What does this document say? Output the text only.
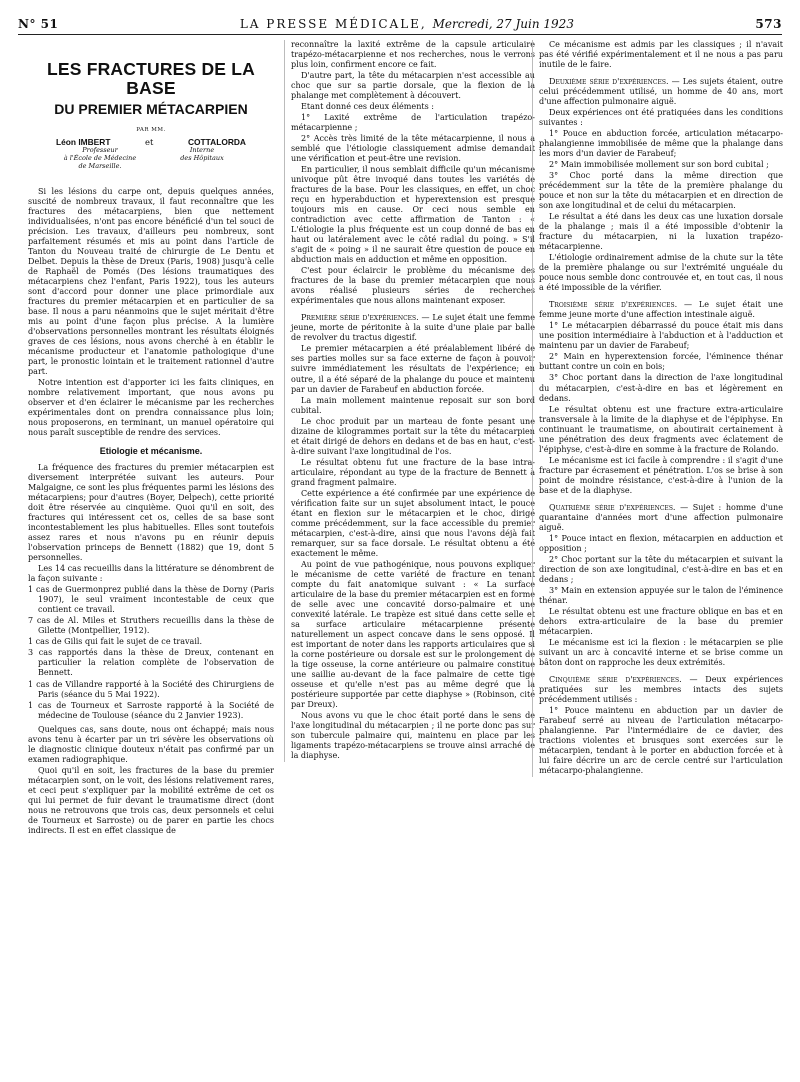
N° 51	LA PRESSE MÉDICALE, Mercredi, 27 Juin 1923	573
LES FRACTURES DE LA BASE
DU PREMIER MÉTACARPIEN
PAR MM.
Léon IMBERT	et	COTTALORDA
Professeur
à l'École de Médecine
de Marseille.
Interne
des Hôpitaux

Si les lésions du carpe ont, depuis quelques années, suscité de nombreux travaux, il faut reconnaître que les fractures des métacarpiens, bien que nettement individualisées, n'ont pas encore bénéficié d'un tel souci de précision. Les travaux, d'ailleurs peu nombreux, sont parfaitement résumés et mis au point dans l'article de Tanton du Nouveau traité de chirurgie de Le Dentu et Delbet. Depuis la thèse de Dreux (Paris, 1908) jusqu'à celle de Raphaël de Pomés (Des lésions traumatiques des métacarpiens chez l'enfant, Paris 1922), tous les auteurs sont d'accord pour donner une place primordiale aux fractures du premier métacarpien et en particulier de sa base. Il nous a paru néanmoins que le sujet méritait d'être mis au point d'une façon plus précise. A la lumière d'observations personnelles montrant les résultats éloignés graves de ces lésions, nous avons cherché à en établir le mécanisme producteur et l'anatomie pathologique d'une part, le pronostic lointain et le traitement rationnel d'autre part.

Notre intention est d'apporter ici les faits cliniques, en nombre relativement important, que nous avons pu observer et d'en éclairer le mécanisme par les recherches expérimentales dont on prendra connaissance plus loin; nous proposerons, en terminant, un manuel opératoire qui nous paraît susceptible de rendre des services.

Etiologie et mécanisme.

La fréquence des fractures du premier métacarpien est diversement interprétée suivant les auteurs. Pour Malgaigne, ce sont les plus fréquentes parmi les lésions des métacarpiens; pour d'autres (Boyer, Delpech), cette priorité doit être réservée au cinquième. Quoi qu'il en soit, des fractures qui intéressent cet os, celles de sa base sont incontestablement les plus habituelles. Elles sont toutefois assez rares et nous n'avons pu en réunir depuis l'observation princeps de Bennett (1882) que 19, dont 5 personnelles.

Les 14 cas recueillis dans la littérature se dénombrent de la façon suivante :

1 cas de Guermonprez publié dans la thèse de Dorny (Paris 1907), le seul vraiment incontestable de ceux que contient ce travail.
7 cas de Al. Miles et Struthers recueillis dans la thèse de Gilette (Montpellier, 1912).
1 cas de Gilis qui fait le sujet de ce travail.
3 cas rapportés dans la thèse de Dreux, contenant en particulier la relation complète de l'observation de Bennett.
1 cas de Villandre rapporté à la Société des Chirurgiens de Paris (séance du 5 Mai 1922).
1 cas de Tourneux et Sarroste rapporté à la Société de médecine de Toulouse (séance du 2 Janvier 1923).

Quelques cas, sans doute, nous ont échappé; mais nous avons tenu à écarter par un tri sévère les observations où le diagnostic clinique douteux n'était pas confirmé par un examen radiographique.

Quoi qu'il en soit, les fractures de la base du premier métacarpien sont, on le voit, des lésions relativement rares, et ceci peut s'expliquer par la mobilité extrême de cet os qui lui permet de fuir devant le traumatisme direct (dont nous ne retrouvons que trois cas, deux personnels et celui de Tourneux et Sarroste) ou de parer en partie les chocs indirects. Il est en effet classique de

reconnaître la laxité extrême de la capsule articulaire trapézo-métacarpienne et nos recherches, nous le verrons plus loin, confirment encore ce fait.

D'autre part, la tête du métacarpien n'est accessible au choc que sur sa partie dorsale, que la flexion de la phalange met complètement à découvert.

Etant donné ces deux éléments :

1° Laxité extrême de l'articulation trapézo-métacarpienne ;

2° Accès très limité de la tête métacarpienne, il nous a semblé que l'étiologie classiquement admise demandait une vérification et peut-être une revision.

En particulier, il nous semblait difficile qu'un mécanisme univoque pût être invoqué dans toutes les variétés de fractures de la base. Pour les classiques, en effet, un choc reçu en hyperabduction et hyperextension est presque toujours mis en cause. Or ceci nous semble en contradiction avec cette affirmation de Tanton : « L'étiologie la plus fréquente est un coup donné de bas en haut ou latéralement avec le côté radial du poing. » S'il s'agit de « poing » il ne saurait être question de pouce en abduction mais en adduction et même en opposition.

C'est pour éclaircir le problème du mécanisme des fractures de la base du premier métacarpien que nous avons réalisé plusieurs séries de recherches expérimentales que nous allons maintenant exposer.

Première série d'expériences. — Le sujet était une femme jeune, morte de péritonite à la suite d'une plaie par balle de revolver du tractus digestif.

Le premier métacarpien a été préalablement libéré de ses parties molles sur sa face externe de façon à pouvoir suivre immédiatement les résultats de l'expérience; en outre, il a été séparé de la phalange du pouce et maintenu par un davier de Farabeuf en abduction forcée.

La main mollement maintenue reposait sur son bord cubital.

Le choc produit par un marteau de fonte pesant une dizaine de kilogrammes portait sur la tête du métacarpien et était dirigé de dehors en dedans et de bas en haut, c'est-à-dire suivant l'axe longitudinal de l'os.

Le résultat obtenu fut une fracture de la base intra-articulaire, répondant au type de la fracture de Bennett à grand fragment palmaire.

Cette expérience a été confirmée par une expérience de vérification faite sur un sujet absolument intact, le pouce étant en flexion sur le métacarpien et le choc, dirigé comme précédemment, sur la face accessible du premier métacarpien, c'est-à-dire, ainsi que nous l'avons déjà fait remarquer, sur sa face dorsale. Le résultat obtenu a été exactement le même.

Au point de vue pathogénique, nous pouvons expliquer le mécanisme de cette variété de fracture en tenant compte du fait anatomique suivant : « La surface articulaire de la base du premier métacarpien est en forme de selle avec une concavité dorso-palmaire et une convexité latérale. Le trapèze est situé dans cette selle et sa surface articulaire métacarpienne présente naturellement un aspect concave dans le sens opposé. Il est important de noter dans les rapports articulaires que si la corne postérieure ou dorsale est sur le prolongement de la tige osseuse, la corne antérieure ou palmaire constitue une saillie au-devant de la face palmaire de cette tige osseuse et qu'elle n'est pas au même degré que la postérieure supportée par cette diaphyse » (Robinson, cité par Dreux).

Nous avons vu que le choc était porté dans le sens de l'axe longitudinal du métacarpien ; il ne porte donc pas sur son tubercule palmaire qui, maintenu en place par les ligaments trapézo-métacarpiens se trouve ainsi arraché de la diaphyse.

Ce mécanisme est admis par les classiques ; il n'avait pas été vérifié expérimentalement et il ne nous a pas paru inutile de le faire.

Deuxième série d'expériences. — Les sujets étaient, outre celui précédemment utilisé, un homme de 40 ans, mort d'une affection pulmonaire aiguë.

Deux expériences ont été pratiquées dans les conditions suivantes :

1° Pouce en abduction forcée, articulation métacarpo-phalangienne immobilisée de même que la phalange dans les mors d'un davier de Farabeuf;

2° Main immobilisée mollement sur son bord cubital ;

3° Choc porté dans la même direction que précédemment sur la tête de la première phalange du pouce et non sur la tête du métacarpien et en direction de son axe longitudinal et de celui du métacarpien.

Le résultat a été dans les deux cas une luxation dorsale de la phalange ; mais il a été impossible d'obtenir la fracture du métacarpien, ni la luxation trapézo-métacarpienne.

L'étiologie ordinairement admise de la chute sur la tête de la première phalange ou sur l'extrémité unguéale du pouce nous semble donc controuvée et, en tout cas, il nous a été impossible de la vérifier.

Troisième série d'expériences. — Le sujet était une femme jeune morte d'une affection intestinale aiguë.

1° Le métacarpien débarrassé du pouce était mis dans une position intermédiaire à l'abduction et à l'adduction et maintenu par un davier de Farabeuf;

2° Main en hyperextension forcée, l'éminence thénar buttant contre un coin en bois;

3° Choc portant dans la direction de l'axe longitudinal du métacarpien, c'est-à-dire en bas et légèrement en dedans.

Le résultat obtenu est une fracture extra-articulaire transversale à la limite de la diaphyse et de l'épiphyse. En continuant le traumatisme, on aboutirait certainement à une pénétration des deux fragments avec éclatement de l'épiphyse, c'est-à-dire en somme à la fracture de Rolando.

Le mécanisme est ici facile à comprendre : il s'agit d'une fracture par écrasement et pénétration. L'os se brise à son point de moindre résistance, c'est-à-dire à l'union de la base et de la diaphyse.

Quatrième série d'expériences. — Sujet : homme d'une quarantaine d'années mort d'une affection pulmonaire aiguë.

1° Pouce intact en flexion, métacarpien en adduction et opposition ;

2° Choc portant sur la tête du métacarpien et suivant la direction de son axe longitudinal, c'est-à-dire en bas et en dedans ;

3° Main en extension appuyée sur le talon de l'éminence thénar.

Le résultat obtenu est une fracture oblique en bas et en dehors extra-articulaire de la base du premier métacarpien.

Le mécanisme est ici la flexion : le métacarpien se plie suivant un arc à concavité interne et se brise comme un bâton dont on rapproche les deux extrémités.

Cinquième série d'expériences. — Deux expériences pratiquées sur les membres intacts des sujets précédemment utilisés :

1° Pouce maintenu en abduction par un davier de Farabeuf serré au niveau de l'articulation métacarpo-phalangienne. Par l'intermédiaire de ce davier, des tractions violentes et brusques sont exercées sur le métacarpien, tendant à le porter en abduction forcée et à lui faire décrire un arc de cercle centré sur l'articulation métacarpo-phalangienne.
